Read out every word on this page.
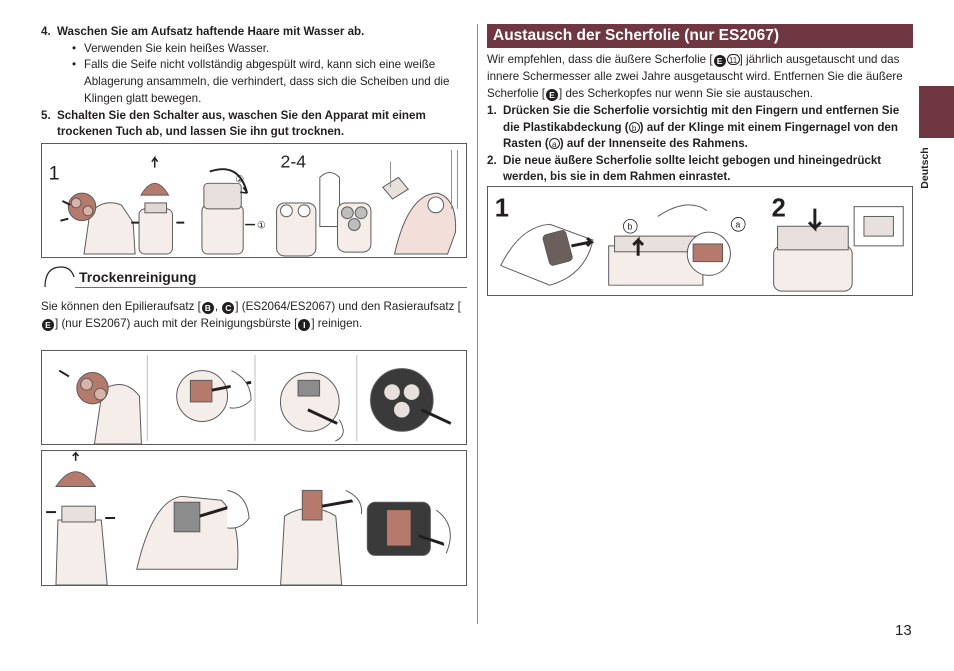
4. Waschen Sie am Aufsatz haftende Haare mit Wasser ab.
• Verwenden Sie kein heißes Wasser.
• Falls die Seife nicht vollständig abgespült wird, kann sich eine weiße Ablagerung ansammeln, die verhindert, dass sich die Scheiben und die Klingen glatt bewegen.
5. Schalten Sie den Schalter aus, waschen Sie den Apparat mit einem trockenen Tuch ab, und lassen Sie ihn gut trocknen.
1
2-4
②
①
Trockenreinigung
Sie können den Epilieraufsatz [ B , C ] (ES2064/ES2067) und den Rasieraufsatz [E ] (nur ES2067) auch mit der Reinigungsbürste [ I ] reinigen.
Austausch der Scherfolie (nur ES2067)
Wir empfehlen, dass die äußere Scherfolie [ E 11 ] jährlich ausgetauscht und das innere Schermesser alle zwei Jahre ausgetauscht wird. Entfernen Sie die äußere Scherfolie [ E ] des Scherkopfes nur wenn Sie sie austauschen.
1. Drücken Sie die Scherfolie vorsichtig mit den Fingern und entfernen Sie die Plastikabdeckung ( b ) auf der Klinge mit einem Fingernagel von den Rasten ( a ) auf der Innenseite des Rahmens.
2. Die neue äußere Scherfolie sollte leicht gebogen und hineingedrückt werden, bis sie in dem Rahmen einrastet.
1	2
b	a
Deutsch
13
